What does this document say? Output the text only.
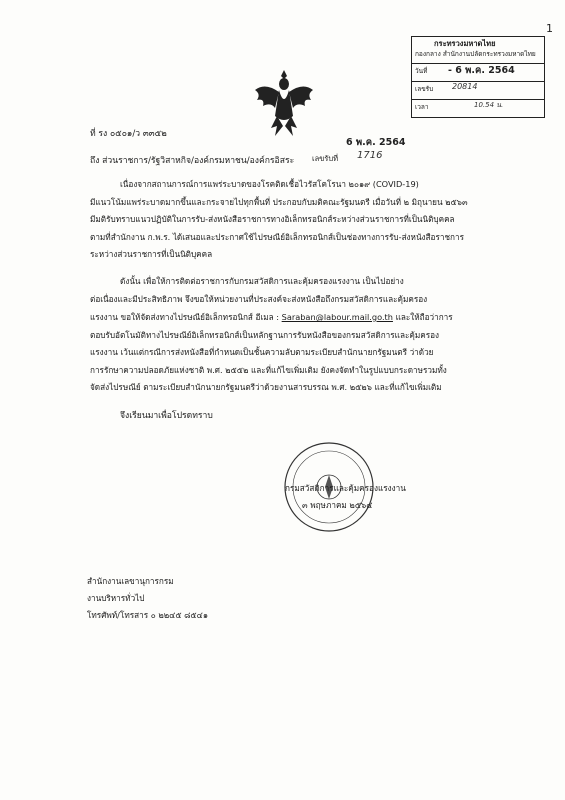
1
กระทรวงมหาดไทย
กองกลาง สำนักงานปลัดกระทรวงมหาดไทย
วันที่ - 6 พ.ค. 2564
เลขรับ 20814
เวลา	10.54 น.
6 พ.ค. 2564
เลขรับที่ 1716
ที่ รง ๐๕๐๑/ว ๓๓๕๒
ถึง ส่วนราชการ/รัฐวิสาหกิจ/องค์กรมหาชน/องค์กรอิสระ
เนื่องจากสถานการณ์การแพร่ระบาดของโรคติดเชื้อไวรัสโคโรนา ๒๐๑๙ (COVID-19)
มีแนวโน้มแพร่ระบาดมากขึ้นและกระจายไปทุกพื้นที่ ประกอบกับมติคณะรัฐมนตรี เมื่อวันที่ ๒ มิถุนายน ๒๕๖๓
มีมติรับทราบแนวปฏิบัติในการรับ-ส่งหนังสือราชการทางอิเล็กทรอนิกส์ระหว่างส่วนราชการที่เป็นนิติบุคคล
ตามที่สำนักงาน ก.พ.ร. ได้เสนอและประกาศใช้ไปรษณีย์อิเล็กทรอนิกส์เป็นช่องทางการรับ-ส่งหนังสือราชการ
ระหว่างส่วนราชการที่เป็นนิติบุคคล
ดังนั้น เพื่อให้การติดต่อราชการกับกรมสวัสดิการและคุ้มครองแรงงาน เป็นไปอย่าง
ต่อเนื่องและมีประสิทธิภาพ จึงขอให้หน่วยงานที่ประสงค์จะส่งหนังสือถึงกรมสวัสดิการและคุ้มครอง
แรงงาน ขอให้จัดส่งทางไปรษณีย์อิเล็กทรอนิกส์ อีเมล : Saraban@labour.mail.go.th และให้ถือว่าการ
ตอบรับอัตโนมัติทางไปรษณีย์อิเล็กทรอนิกส์เป็นหลักฐานการรับหนังสือของกรมสวัสดิการและคุ้มครอง
แรงงาน เว้นแต่กรณีการส่งหนังสือที่กำหนดเป็นชั้นความลับตามระเบียบสำนักนายกรัฐมนตรี ว่าด้วย
การรักษาความปลอดภัยแห่งชาติ พ.ศ. ๒๕๕๒ และที่แก้ไขเพิ่มเติม ยังคงจัดทำในรูปแบบกระดาษรวมทั้ง
จัดส่งไปรษณีย์ ตามระเบียบสำนักนายกรัฐมนตรีว่าด้วยงานสารบรรณ พ.ศ. ๒๕๒๖ และที่แก้ไขเพิ่มเติม
จึงเรียนมาเพื่อโปรดทราบ
กรมสวัสดิการและคุ้มครองแรงงาน
๓ พฤษภาคม ๒๕๖๔
สำนักงานเลขานุการกรม
งานบริหารทั่วไป
โทรศัพท์/โทรสาร ๐ ๒๒๔๕ ๘๕๔๑
